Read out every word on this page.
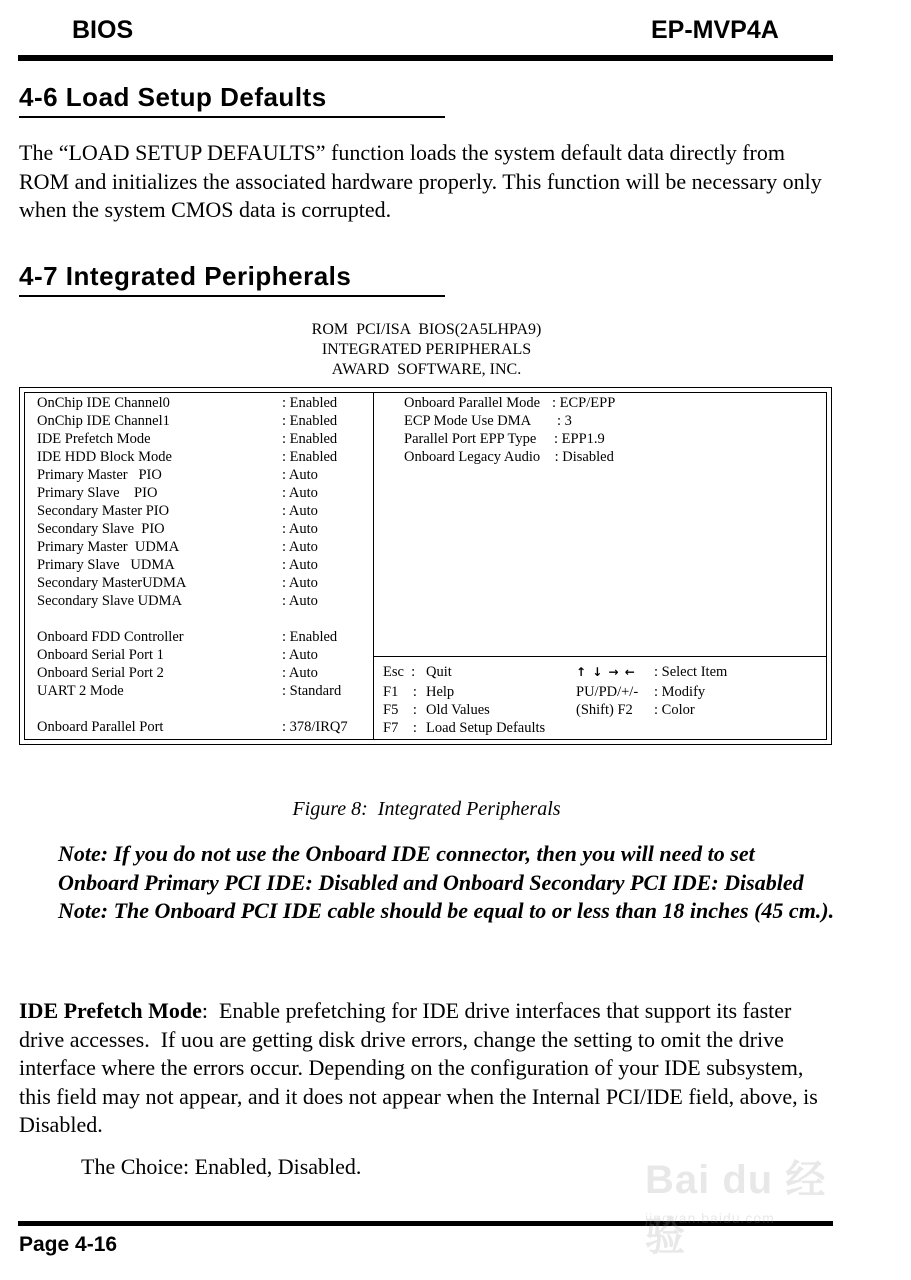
BIOS	EP-MVP4A
4-6 Load Setup Defaults
The “LOAD SETUP DEFAULTS” function loads the system default data directly from ROM and initializes the associated hardware properly. This function will be necessary only when the system CMOS data is corrupted.
4-7 Integrated Peripherals
ROM  PCI/ISA  BIOS(2A5LHPA9)
INTEGRATED PERIPHERALS
AWARD  SOFTWARE, INC.
OnChip IDE Channel0	: Enabled
OnChip IDE Channel1	: Enabled
IDE Prefetch Mode	: Enabled
IDE HDD Block Mode	: Enabled
Primary Master   PIO	: Auto
Primary Slave    PIO	: Auto
Secondary Master PIO	: Auto
Secondary Slave  PIO	: Auto
Primary Master  UDMA	: Auto
Primary Slave   UDMA	: Auto
Secondary MasterUDMA	: Auto
Secondary Slave UDMA	: Auto
Onboard FDD Controller	: Enabled
Onboard Serial Port 1	: Auto
Onboard Serial Port 2	: Auto
UART 2 Mode	: Standard
Onboard Parallel Port	: 378/IRQ7
Onboard Parallel Mode : ECP/EPP
ECP Mode Use DMA : 3
Parallel Port EPP Type : EPP1.9
Onboard Legacy Audio : Disabled
Esc  : Quit	↑ ↓ → ← : Select Item
F1    : Help	PU/PD/+/- : Modify
F5    : Old Values	(Shift) F2 : Color
F7    : Load Setup Defaults
Figure 8:  Integrated Peripherals
Note: If you do not use the Onboard IDE connector, then you will need to set Onboard Primary PCI IDE: Disabled and Onboard Secondary PCI IDE: Disabled
Note: The Onboard PCI IDE cable should be equal to or less than 18 inches (45 cm.).
IDE Prefetch Mode:  Enable prefetching for IDE drive interfaces that support its faster drive accesses.  If uou are getting disk drive errors, change the setting to omit the drive interface where the errors occur. Depending on the configuration of your IDE subsystem, this field may not appear, and it does not appear when the Internal PCI/IDE field, above, is Disabled.
The Choice: Enabled, Disabled.
Page 4-16
Bai du 经验
jingyan.baidu.com
